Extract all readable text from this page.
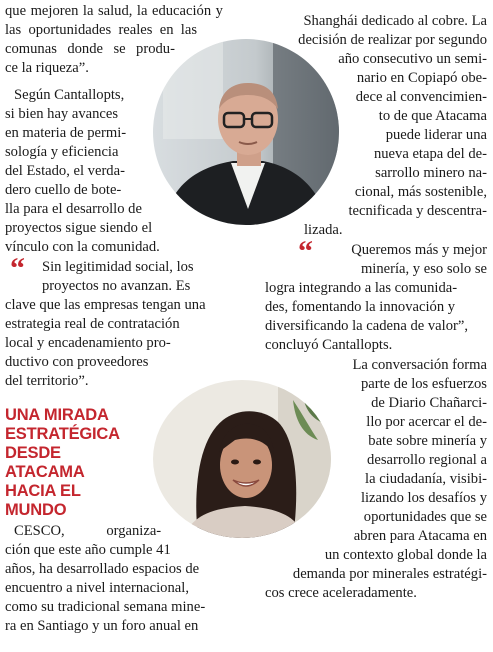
que mejoren la salud, la educación y
las oportunidades reales en las
comunas donde se produ-
ce la riqueza”.
Según Cantallopts,
si bien hay avances
en materia de permi-
sología y eficiencia
del Estado, el verda-
dero cuello de bote-
lla para el desarrollo de
proyectos sigue siendo el
vínculo con la comunidad.
“ Sin legitimidad social, los
proyectos no avanzan. Es
clave que las empresas tengan una
estrategia real de contratación
local y encadenamiento pro-
ductivo con proveedores
del territorio”.
UNA MIRADA
ESTRATÉGICA
DESDE
ATACAMA
HACIA EL
MUNDO
CESCO, organiza-
ción que este año cumple 41
años, ha desarrollado espacios de
encuentro a nivel internacional,
como su tradicional semana mine-
ra en Santiago y un foro anual en
Shanghái dedicado al cobre. La
decisión de realizar por segundo
año consecutivo un semi-
nario en Copiapó obe-
dece al convencimien-
to de que Atacama
puede liderar una
nueva etapa del de-
sarrollo minero na-
cional, más sostenible,
tecnificada y descentra-
lizada.
“	Queremos más y mejor
minería, y eso solo se
logra integrando a las comunida-
des, fomentando la innovación y
diversificando la cadena de valor”,
concluyó Cantallopts.
La conversación forma
parte de los esfuerzos
de Diario Chañarci-
llo por acercar el de-
bate sobre minería y
desarrollo regional a
la ciudadanía, visibi-
lizando los desafíos y
oportunidades que se
abren para Atacama en
un contexto global donde la
demanda por minerales estratégi-
cos crece aceleradamente.
